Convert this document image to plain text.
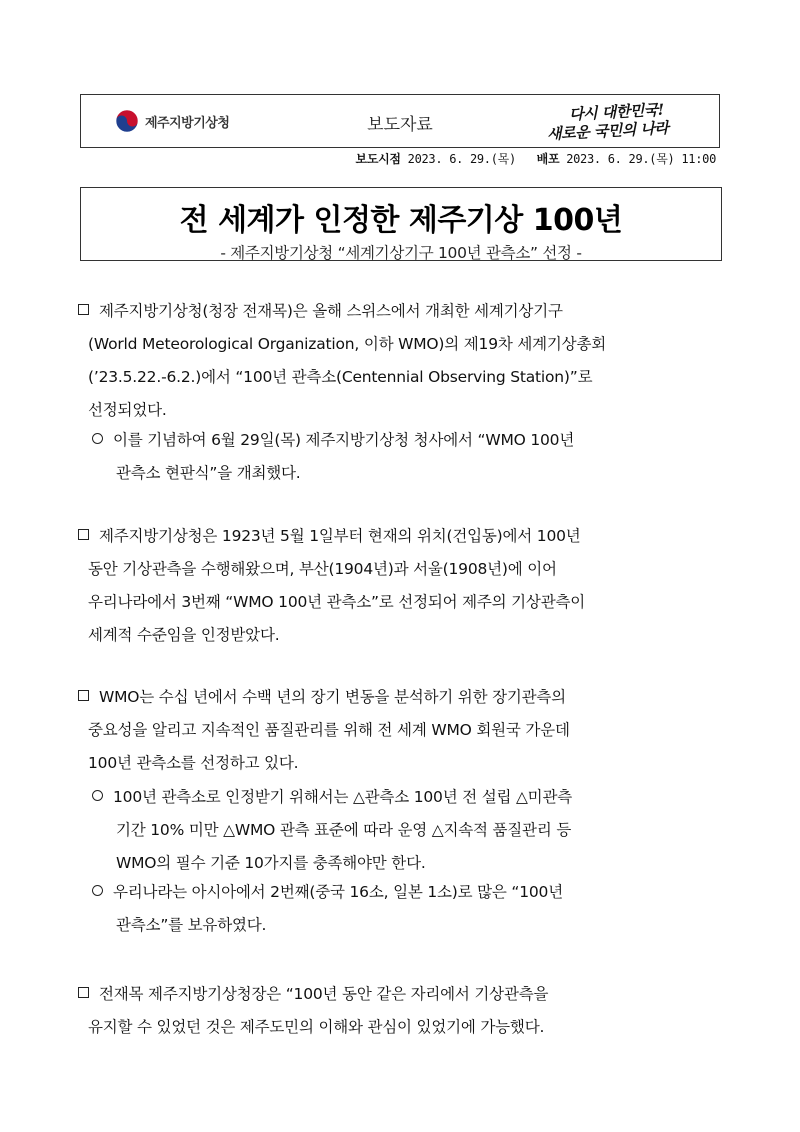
제주지방기상청	보도자료
다시 대한민국!
새로운 국민의 나라
보도시점 2023. 6. 29.(목) 배포 2023. 6. 29.(목) 11:00
전 세계가 인정한 제주기상 100년
- 제주지방기상청 “세계기상기구 100년 관측소” 선정 -
제주지방기상청(청장 전재목)은 올해 스위스에서 개최한 세계기상기구
(World Meteorological Organization, 이하 WMO)의 제19차 세계기상총회
(’23.5.22.-6.2.)에서 “100년 관측소(Centennial Observing Station)”로
선정되었다.
이를 기념하여 6월 29일(목) 제주지방기상청 청사에서 “WMO 100년
관측소 현판식”을 개최했다.
제주지방기상청은 1923년 5월 1일부터 현재의 위치(건입동)에서 100년
동안 기상관측을 수행해왔으며, 부산(1904년)과 서울(1908년)에 이어
우리나라에서 3번째 “WMO 100년 관측소”로 선정되어 제주의 기상관측이
세계적 수준임을 인정받았다.
WMO는 수십 년에서 수백 년의 장기 변동을 분석하기 위한 장기관측의
중요성을 알리고 지속적인 품질관리를 위해 전 세계 WMO 회원국 가운데
100년 관측소를 선정하고 있다.
100년 관측소로 인정받기 위해서는 △관측소 100년 전 설립 △미관측
기간 10% 미만 △WMO 관측 표준에 따라 운영 △지속적 품질관리 등
WMO의 필수 기준 10가지를 충족해야만 한다.
우리나라는 아시아에서 2번째(중국 16소, 일본 1소)로 많은 “100년
관측소”를 보유하였다.
전재목 제주지방기상청장은 “100년 동안 같은 자리에서 기상관측을
유지할 수 있었던 것은 제주도민의 이해와 관심이 있었기에 가능했다.
